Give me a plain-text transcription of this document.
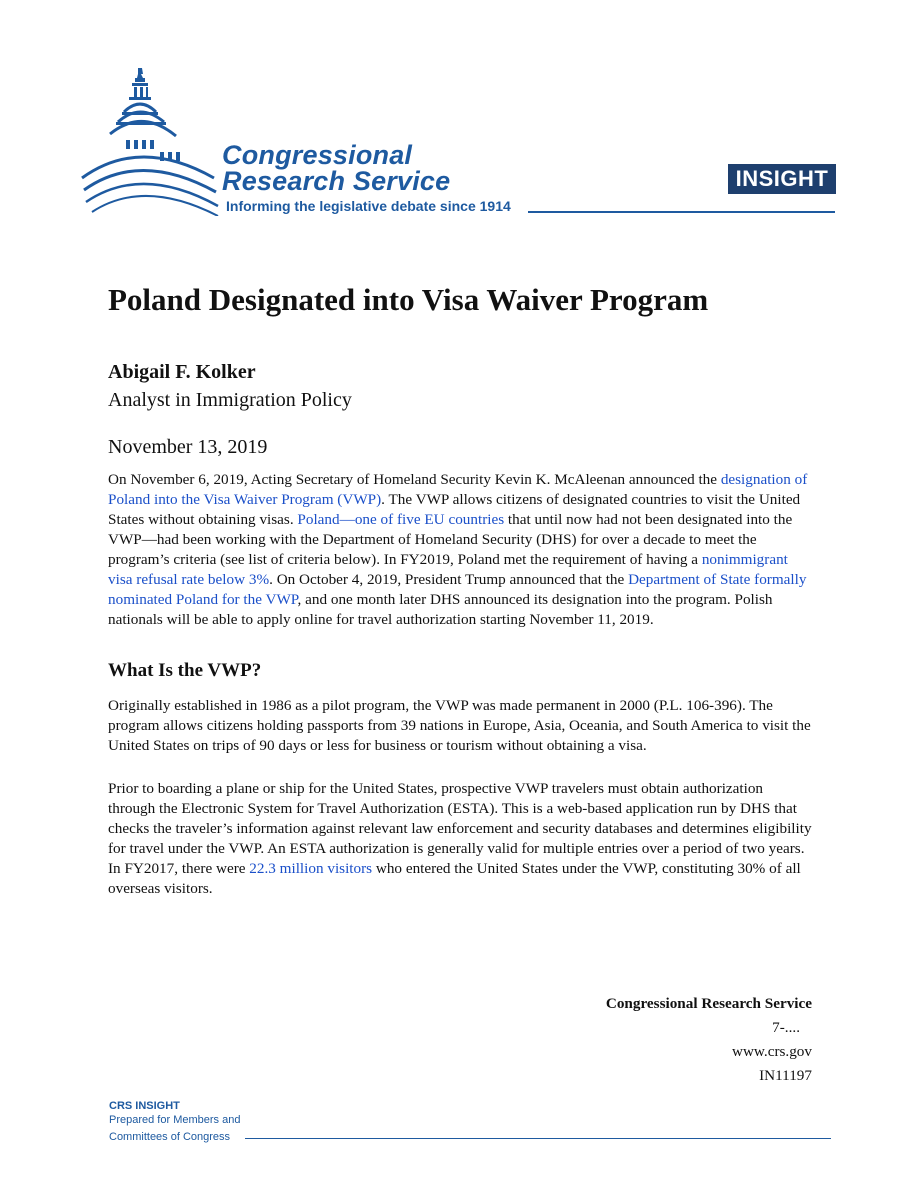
Congressional
Research Service
Informing the legislative debate since 1914
INSIGHT
Poland Designated into Visa Waiver Program
Abigail F. Kolker
Analyst in Immigration Policy
November 13, 2019

On November 6, 2019, Acting Secretary of Homeland Security Kevin K. McAleenan announced the designation of Poland into the Visa Waiver Program (VWP). The VWP allows citizens of designated countries to visit the United States without obtaining visas. Poland—one of five EU countries that until now had not been designated into the VWP—had been working with the Department of Homeland Security (DHS) for over a decade to meet the program’s criteria (see list of criteria below). In FY2019, Poland met the requirement of having a nonimmigrant visa refusal rate below 3%. On October 4, 2019, President Trump announced that the Department of State formally nominated Poland for the VWP, and one month later DHS announced its designation into the program. Polish nationals will be able to apply online for travel authorization starting November 11, 2019.

What Is the VWP?

Originally established in 1986 as a pilot program, the VWP was made permanent in 2000 (P.L. 106-396). The program allows citizens holding passports from 39 nations in Europe, Asia, Oceania, and South America to visit the United States on trips of 90 days or less for business or tourism without obtaining a visa.

Prior to boarding a plane or ship for the United States, prospective VWP travelers must obtain authorization through the Electronic System for Travel Authorization (ESTA). This is a web-based application run by DHS that checks the traveler’s information against relevant law enforcement and security databases and determines eligibility for travel under the VWP. An ESTA authorization is generally valid for multiple entries over a period of two years. In FY2017, there were 22.3 million visitors who entered the United States under the VWP, constituting 30% of all overseas visitors.

Congressional Research Service
7-....
www.crs.gov
IN11197
CRS INSIGHT
Prepared for Members and
Committees of Congress
